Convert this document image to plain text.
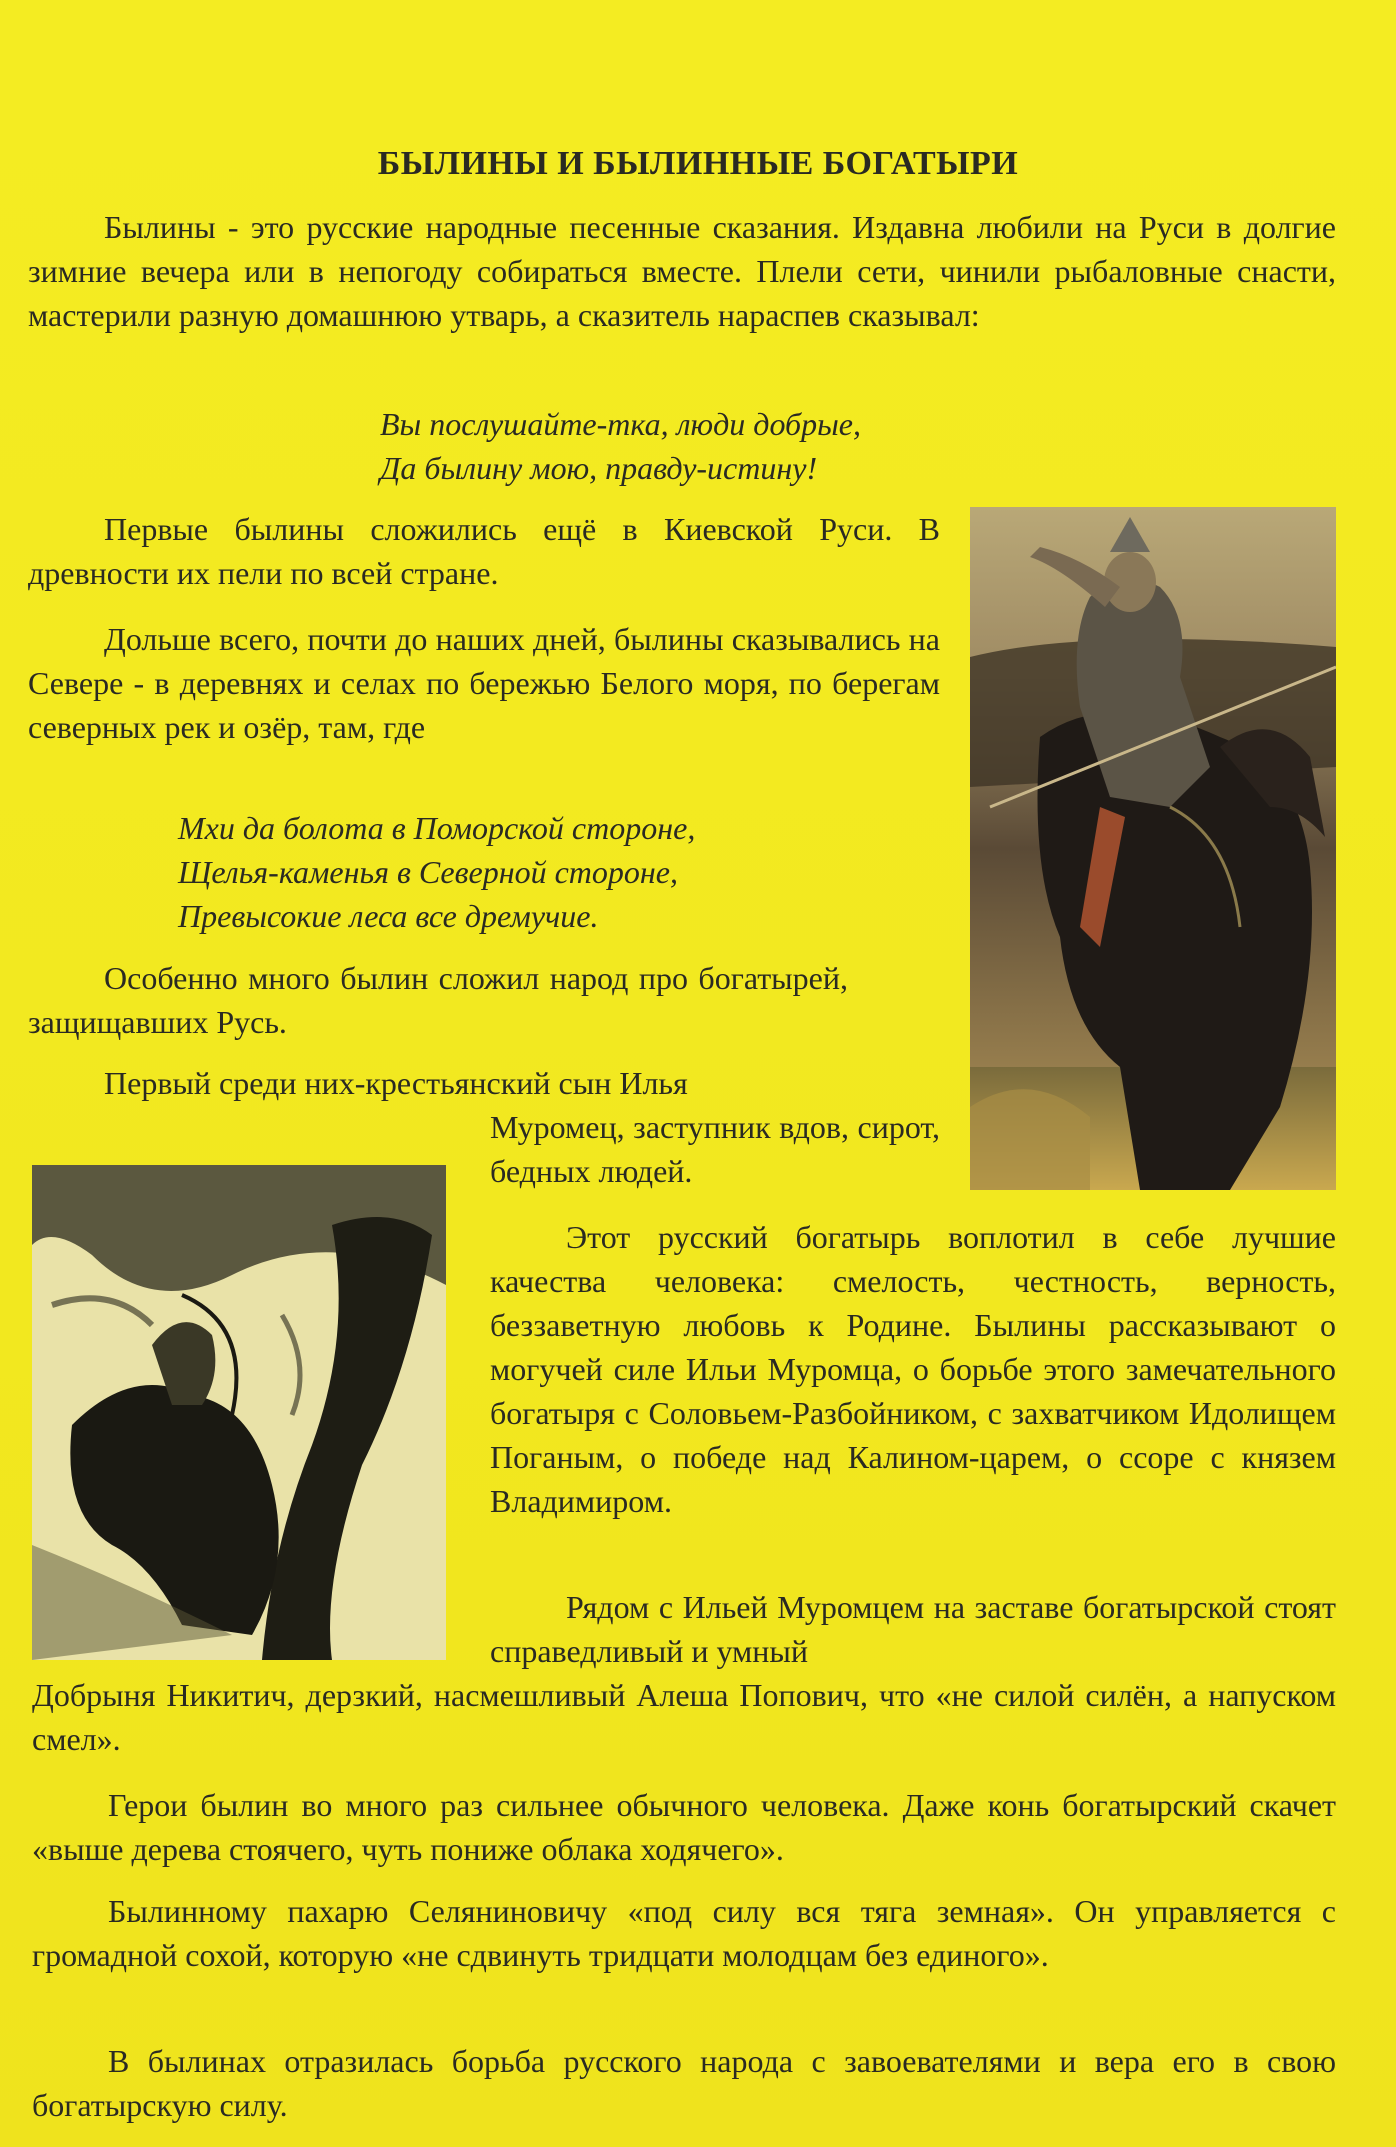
БЫЛИНЫ И БЫЛИННЫЕ БОГАТЫРИ

Былины - это русские народные песенные сказания. Издавна любили на Руси в долгие зимние вечера или в непогоду собираться вместе. Плели сети, чинили рыбаловные снасти, мастерили разную домашнюю утварь, а сказитель нараспев сказывал:

Вы послушайте-тка, люди добрые,
Да былину мою, правду-истину!

Первые былины сложились ещё в Киевской Руси. В древности их пели по всей стране.

Дольше всего, почти до наших дней, былины сказывались на Севере - в деревнях и селах по бережью Белого моря, по берегам северных рек и озёр, там, где

Мхи да болота в Поморской стороне,
Щелья-каменья в Северной стороне,
Превысокие леса все дремучие.

Особенно много былин сложил народ про богатырей, защищавших Русь.

Первый среди них-крестьянский сын Илья

Муромец, заступник вдов, сирот, бедных людей.

Этот русский богатырь воплотил в себе лучшие качества человека: смелость, честность, верность, беззаветную любовь к Родине. Былины рассказывают о могучей силе Ильи Муромца, о борьбе этого замечательного богатыря с Соловьем-Разбойником, с захватчиком Идолищем Поганым, о победе над Калином-царем, о ссоре с князем Владимиром.

Рядом с Ильей Муромцем на заставе богатырской стоят справедливый и умный

Добрыня Никитич, дерзкий, насмешливый Алеша Попович, что «не силой силён, а напуском смел».

Герои былин во много раз сильнее обычного человека. Даже конь богатырский скачет «выше дерева стоячего, чуть пониже облака ходячего».

Былинному пахарю Селяниновичу «под силу вся тяга земная». Он управляется с громадной сохой, которую «не сдвинуть тридцати молодцам без единого».

В былинах отразилась борьба русского народа с завоевателями и вера его в свою богатырскую силу.
